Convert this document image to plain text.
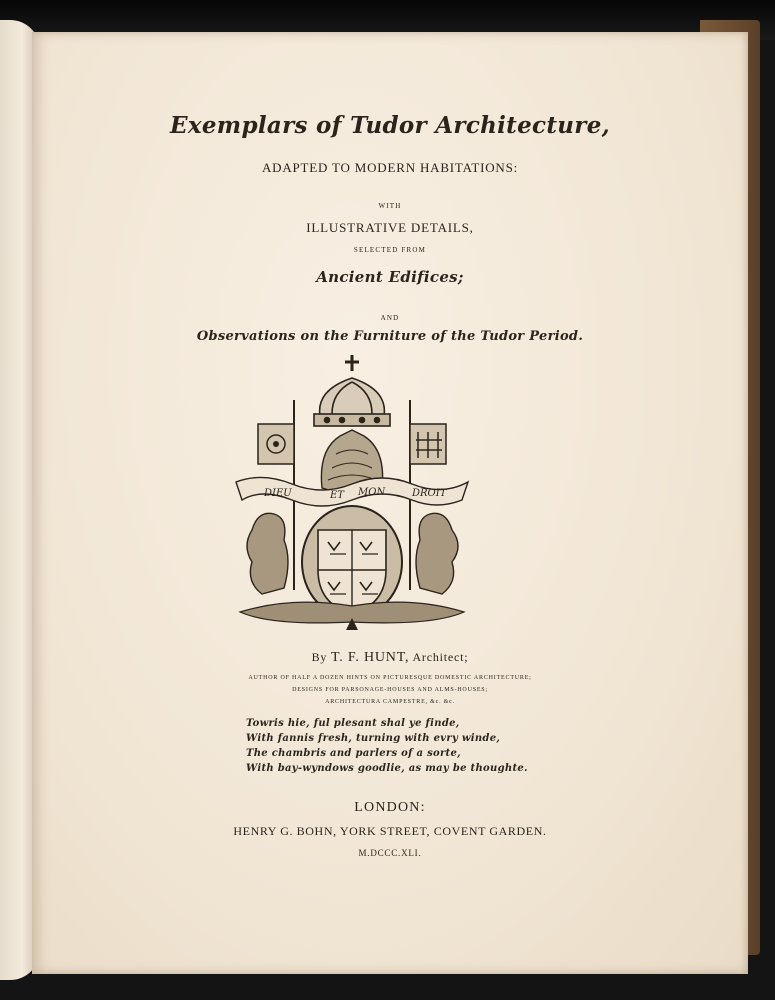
Exemplars of Tudor Architecture,
ADAPTED TO MODERN HABITATIONS:
WITH
ILLUSTRATIVE DETAILS,
SELECTED FROM
Ancient Edifices;
AND
Observations on the Furniture of the Tudor Period.
DIEU	ET MON	DROIT
By T. F. HUNT, Architect;
AUTHOR OF HALF A DOZEN HINTS ON PICTURESQUE DOMESTIC ARCHITECTURE;
DESIGNS FOR PARSONAGE-HOUSES AND ALMS-HOUSES;
ARCHITECTURA CAMPESTRE, &c. &c.
Towris hie, ful plesant shal ye finde,
With fannis fresh, turning with evry winde,
The chambris and parlers of a sorte,
With bay-wyndows goodlie, as may be thoughte.
LONDON:
HENRY G. BOHN, YORK STREET, COVENT GARDEN.
M.DCCC.XLI.
